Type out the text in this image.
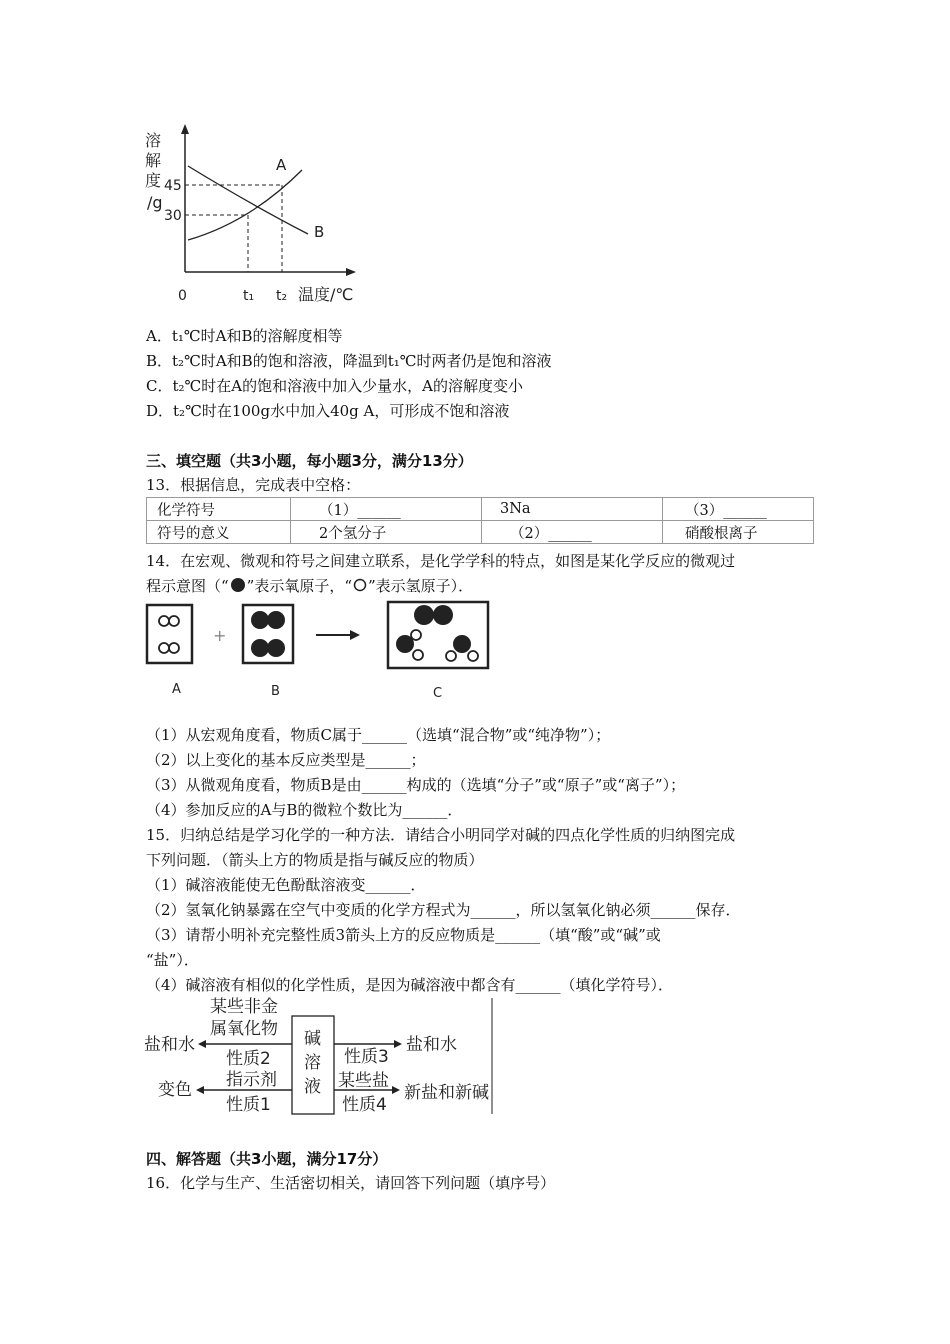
溶
解
度
/g
45
30
0	t₁ t₂ 温度/℃
A
B
A．t₁℃时A和B的溶解度相等
B．t₂℃时A和B的饱和溶液，降温到t₁℃时两者仍是饱和溶液
C．t₂℃时在A的饱和溶液中加入少量水，A的溶解度变小
D．t₂℃时在100g水中加入40g A，可形成不饱和溶液
三、填空题（共3小题，每小题3分，满分13分）
13．根据信息，完成表中空格：
化学符号	（1）______	3Na	（3）______
符号的意义	2个氢分子	（2）______	硝酸根离子
14．在宏观、微观和符号之间建立联系，是化学学科的特点，如图是某化学反应的微观过
程示意图（“ ”表示氧原子，“ ”表示氢原子）．
+
A	B	C
（1）从宏观角度看，物质C属于______（选填“混合物”或“纯净物”）；
（2）以上变化的基本反应类型是______；
（3）从微观角度看，物质B是由______构成的（选填“分子”或“原子”或“离子”）；
（4）参加反应的A与B的微粒个数比为______．
15．归纳总结是学习化学的一种方法．请结合小明同学对碱的四点化学性质的归纳图完成
下列问题．（箭头上方的物质是指与碱反应的物质）
（1）碱溶液能使无色酚酞溶液变______．
（2）氢氧化钠暴露在空气中变质的化学方程式为______，所以氢氧化钠必须______保存．
（3）请帮小明补充完整性质3箭头上方的反应物质是______（填“酸”或“碱”或
“盐”）．
（4）碱溶液有相似的化学性质，是因为碱溶液中都含有______（填化学符号）．
碱
溶
液
某些非金
属氧化物
盐和水
性质2
指示剂
变色
性质1
性质3
盐和水
某些盐
新盐和新碱
性质4
四、解答题（共3小题，满分17分）
16．化学与生产、生活密切相关，请回答下列问题（填序号）
